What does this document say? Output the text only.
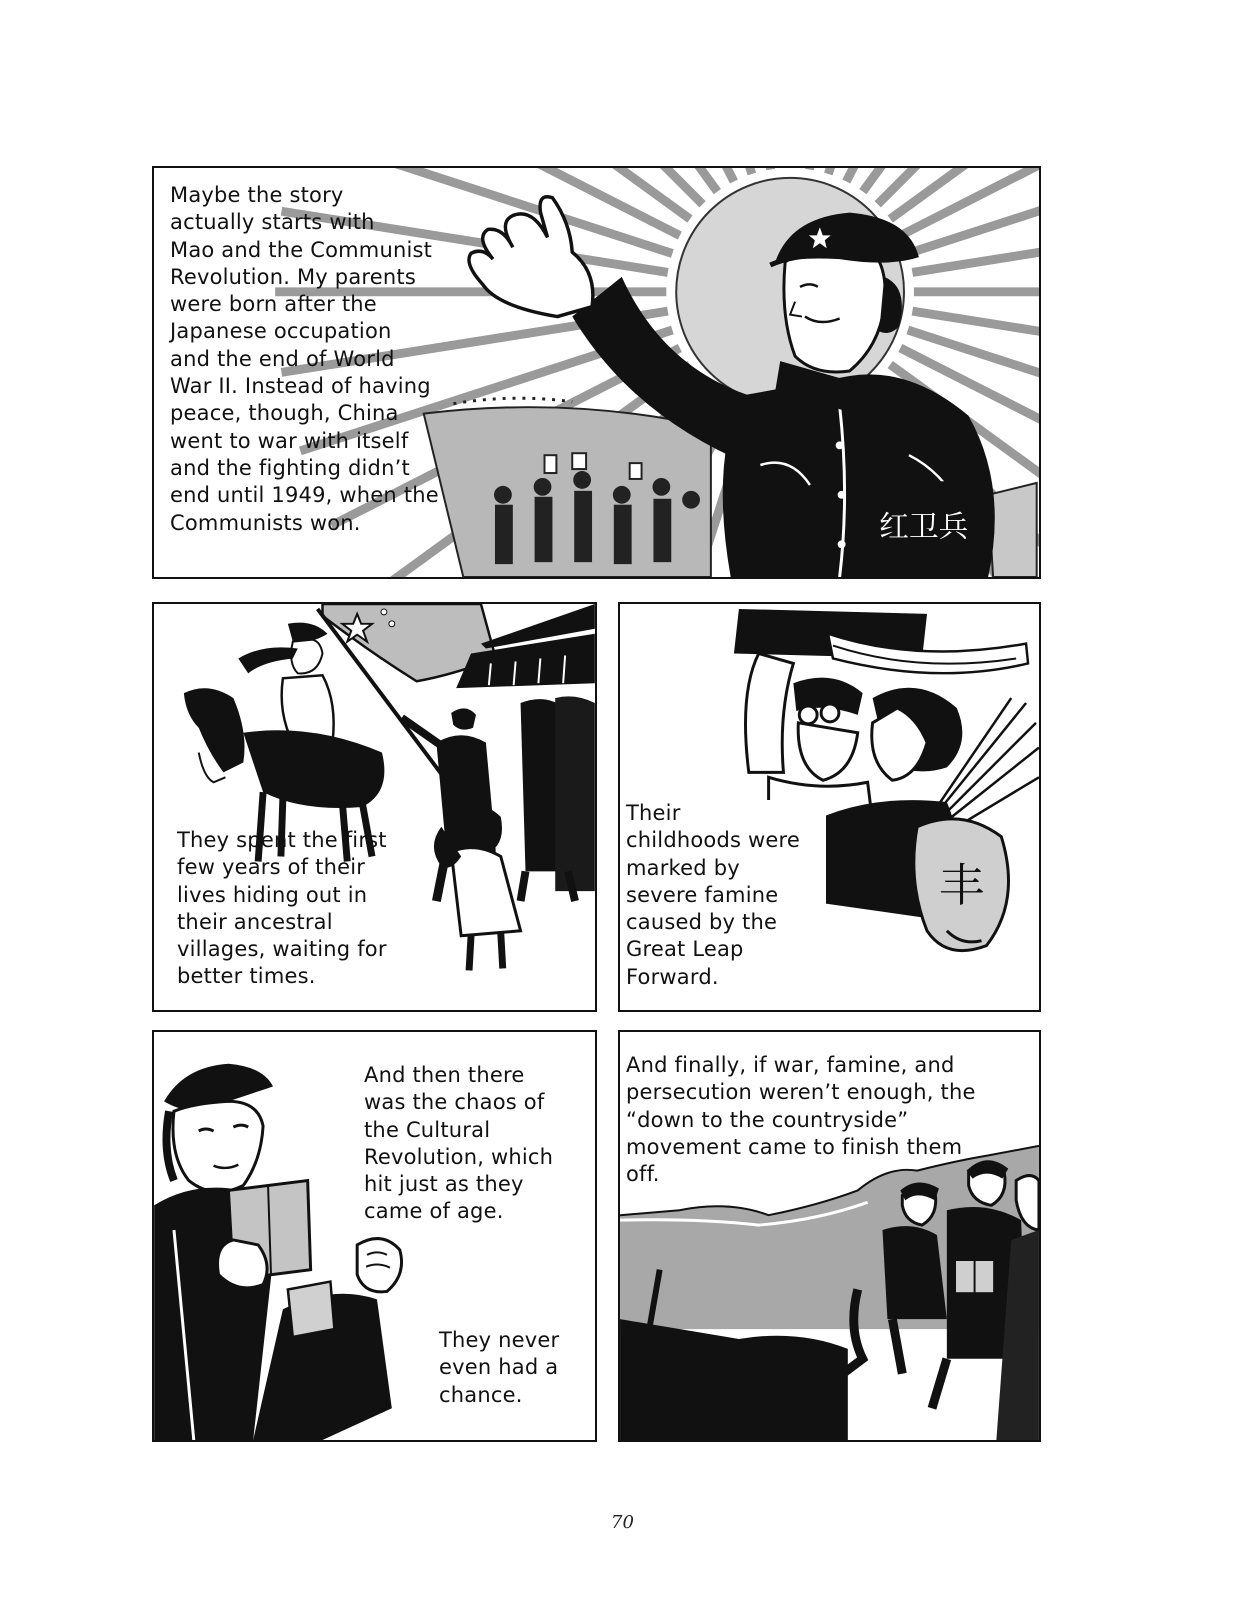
红卫兵
Maybe the story
actually starts with
Mao and the Communist
Revolution. My parents
were born after the
Japanese occupation
and the end of World
War II. Instead of having
peace, though, China
went to war with itself
and the fighting didn’t
end until 1949, when the
Communists won.
They spent the first
few years of their
lives hiding out in
their ancestral
villages, waiting for
better times.
丰
Their
childhoods were
marked by
severe famine
caused by the
Great Leap
Forward.
And then there
was the chaos of
the Cultural
Revolution, which
hit just as they
came of age.
They never
even had a
chance.
And finally, if war, famine, and
persecution weren’t enough, the
“down to the countryside”
movement came to finish them
off.
70
